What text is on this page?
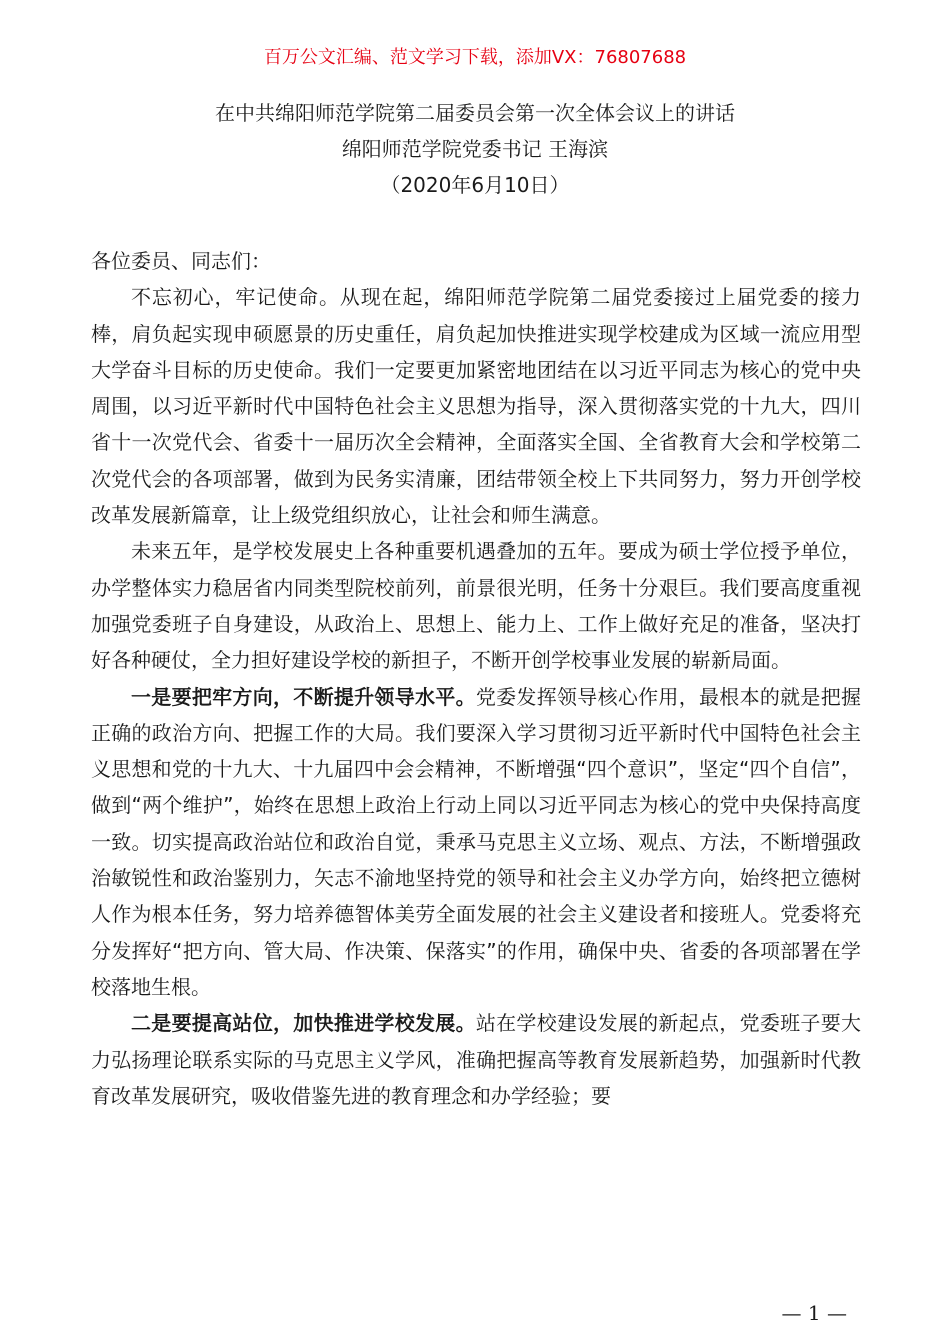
百万公文汇编、范文学习下载，添加VX：76807688
在中共绵阳师范学院第二届委员会第一次全体会议上的讲话
绵阳师范学院党委书记 王海滨
（2020年6月10日）

各位委员、同志们：

不忘初心，牢记使命。从现在起，绵阳师范学院第二届党委接过上届党委的接力棒，肩负起实现申硕愿景的历史重任，肩负起加快推进实现学校建成为区域一流应用型大学奋斗目标的历史使命。我们一定要更加紧密地团结在以习近平同志为核心的党中央周围，以习近平新时代中国特色社会主义思想为指导，深入贯彻落实党的十九大，四川省十一次党代会、省委十一届历次全会精神，全面落实全国、全省教育大会和学校第二次党代会的各项部署，做到为民务实清廉，团结带领全校上下共同努力，努力开创学校改革发展新篇章，让上级党组织放心，让社会和师生满意。

未来五年，是学校发展史上各种重要机遇叠加的五年。要成为硕士学位授予单位，办学整体实力稳居省内同类型院校前列，前景很光明，任务十分艰巨。我们要高度重视加强党委班子自身建设，从政治上、思想上、能力上、工作上做好充足的准备，坚决打好各种硬仗，全力担好建设学校的新担子，不断开创学校事业发展的崭新局面。

一是要把牢方向，不断提升领导水平。党委发挥领导核心作用，最根本的就是把握正确的政治方向、把握工作的大局。我们要深入学习贯彻习近平新时代中国特色社会主义思想和党的十九大、十九届四中会会精神，不断增强“四个意识”，坚定“四个自信”，做到“两个维护”，始终在思想上政治上行动上同以习近平同志为核心的党中央保持高度一致。切实提高政治站位和政治自觉，秉承马克思主义立场、观点、方法，不断增强政治敏锐性和政治鉴别力，矢志不渝地坚持党的领导和社会主义办学方向，始终把立德树人作为根本任务，努力培养德智体美劳全面发展的社会主义建设者和接班人。党委将充分发挥好“把方向、管大局、作决策、保落实”的作用，确保中央、省委的各项部署在学校落地生根。

二是要提高站位，加快推进学校发展。站在学校建设发展的新起点，党委班子要大力弘扬理论联系实际的马克思主义学风，准确把握高等教育发展新趋势，加强新时代教育改革发展研究，吸收借鉴先进的教育理念和办学经验；要

— 1 —
